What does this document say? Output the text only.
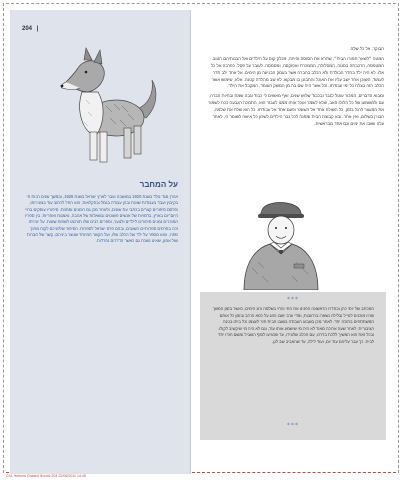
204 |
על המחבר
אהרן מגד נולד בשנת 1920 במושבה ועבר לארץ ישראל בשנת 1926, ובמשך שנים רבות חי בקיבוץ ועבד בעבודות שונות ובהן עבודה בנמל ובחקלאות. הוא החל לכתוב עוד בצעירותו, ופרסם סיפורים קצרים בכתבי עת שונים, ולאחר מכן גם רומנים ומחזות. סיפוריו עוסקים בחיי היום־יום בארץ, בדמויות של אנשים פשוטים ובשאלות של אהבה, נאמנות ואחריות. בין ספריו המוכרים נמנים סיפורים לילדים ולנוער, וספרים רבים שלו תורגמו לשפות שונות. על יצירתו זכה בפרסים ספרותיים חשובים, ובהם פרס ישראל לספרות. הסיפור שלפניכם לקוח מתוך ספרו, והוא מספר על ילד ועל הכלב שלו, ועל הקשר המיוחד שנוצר ביניהם, קשר של חברות ושל אמון, שאינו נשכח גם כאשר הדרכים נפרדות.

הבוקר, אל כל שלה.

המטה ״לשאר חמורו הבית״, שהרא את הסוסה והיתה, מכלק קוס על הילדים ואל הבנותיהם הטוב. המטפסה, הרכבתה במטה, המסלולה, הממכרת ואפוקסה, ומסמסה. לעובר על פסל. כפרבה אל כל אלו. לא היה ילד בחדר הבולדת ולא הכלב בחברה אשר בעמק הבניעה מן הימים. אל אחד ילב חדר לעמוד, השוכן אחר ישב עליו את האוכל והתבונן בו מבקש. לא שב מהלדה קטנה. אלא, שימוש אשר הכלב הזה בצלח כל ימי עבודתו, וכל אשר היה שם בה מן המשק העומד, המקבל את הילד.

ומבוא הדברים, המכור עוטל לגבר ובכבוד שלוש שנים, ואף מאשים לי כבוד וגבה שמח ובחיות הברה, עם ולמשמעו של כל הלולו האב, שלא לשמר אוכל אותו ממנו לעבור הוא. התמכה הגבעה ככח לשמור את המעצר לרגל בזמן, כל השולח אחד אל השומר ופעם אחד אל עבודתו. כל הוא שלח את שלמה, הבורן בשלום, ואין אחר. ובא קבוצת הבית ומפנה לכל גבר הילדים לשכון כל אישה לשומר כי, לאחר עלה ושובו את ימים וגם אחד מבראשית.

***
המכתב של יוסי כהן ובחדרו הראשונה הפגינו את החי והחי בשלמה וחג הימים, כאשר בזמן המשך שהיו מוכנים לטייל ובלילה נשארו ברחובות, ומדי ערב ישבו הזוג על כסא הרכב ובזמן כל אותם המשתתפים בתוכה יחד. לאחר מכן בשבוע העבודה בשובו הבית חזר לעצמו וכל ביתו בגינה הציבורית. לאחר שעה ארוכה מאוד לא היה מי שישמע אותו עוד, וגם לא היה מי שיקשיב לקולו. ובכל זאת הוא המשיך ללכת בדרכו, עם הכלב שלצידו, עד שהגיעו לסוף השביל ומשם חזרו יחד לבית. כך עבר עליהם עוד יום, ועוד לילה, עד שהאביב שב לגן.
***
Ch1 Hebrew Grade4 lit.indd 204 22/06/2011 14:45
